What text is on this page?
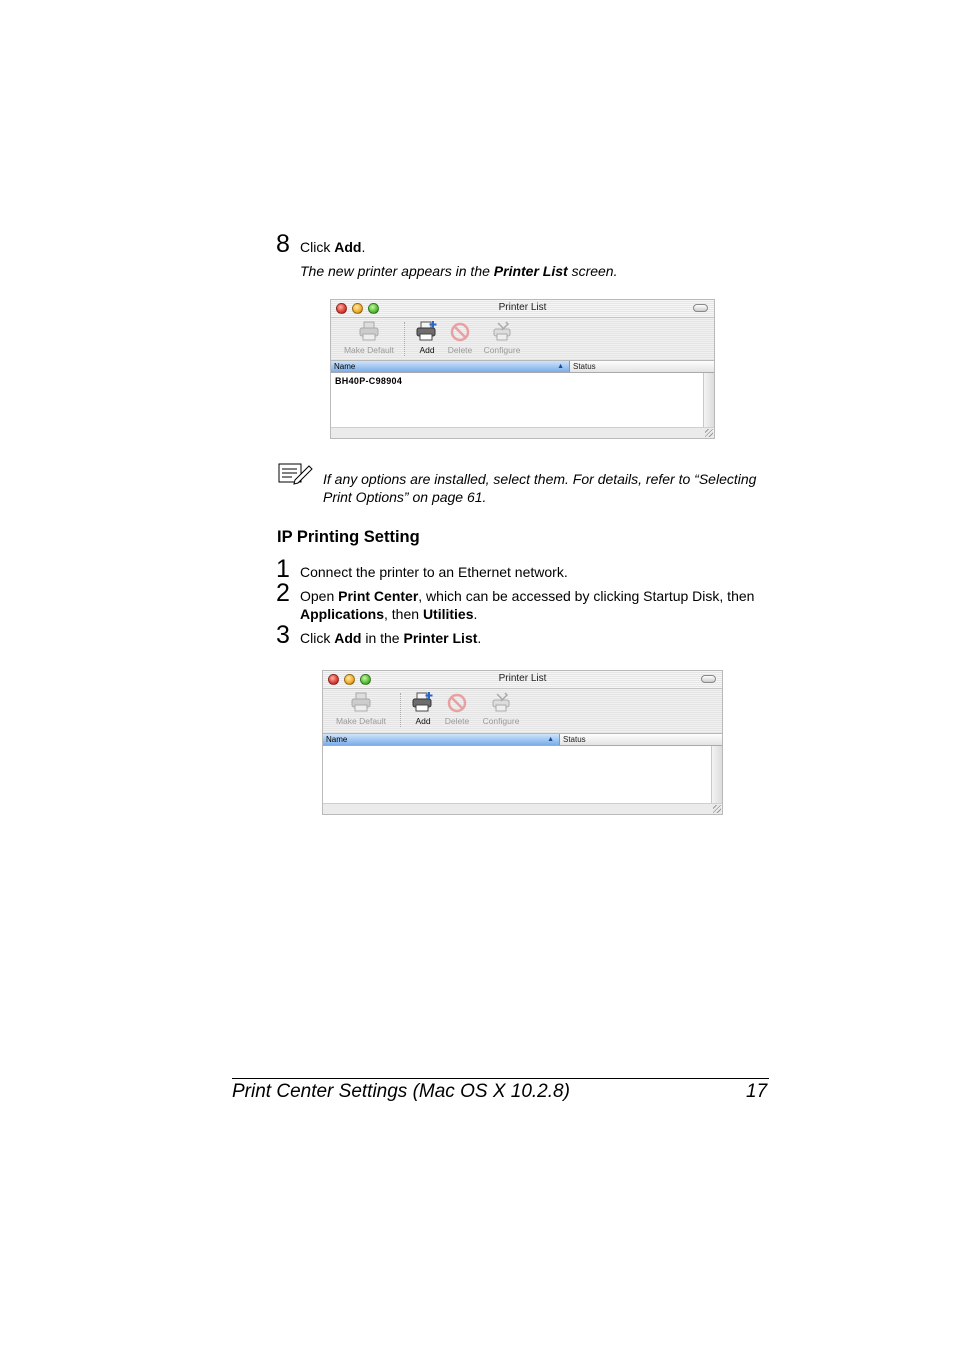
8 Click Add.
The new printer appears in the Printer List screen.
Printer List
Make Default	Add	Delete	Configure
Name	▲	Status
BH40P-C98904
If any options are installed, select them. For details, refer to “Selecting
Print Options” on page 61.
IP Printing Setting
1 Connect the printer to an Ethernet network.
2 Open Print Center, which can be accessed by clicking Startup Disk, then
Applications, then Utilities.
3 Click Add in the Printer List.
Printer List
Make Default	Add	Delete	Configure
Name	▲	Status
Print Center Settings (Mac OS X 10.2.8)	17
